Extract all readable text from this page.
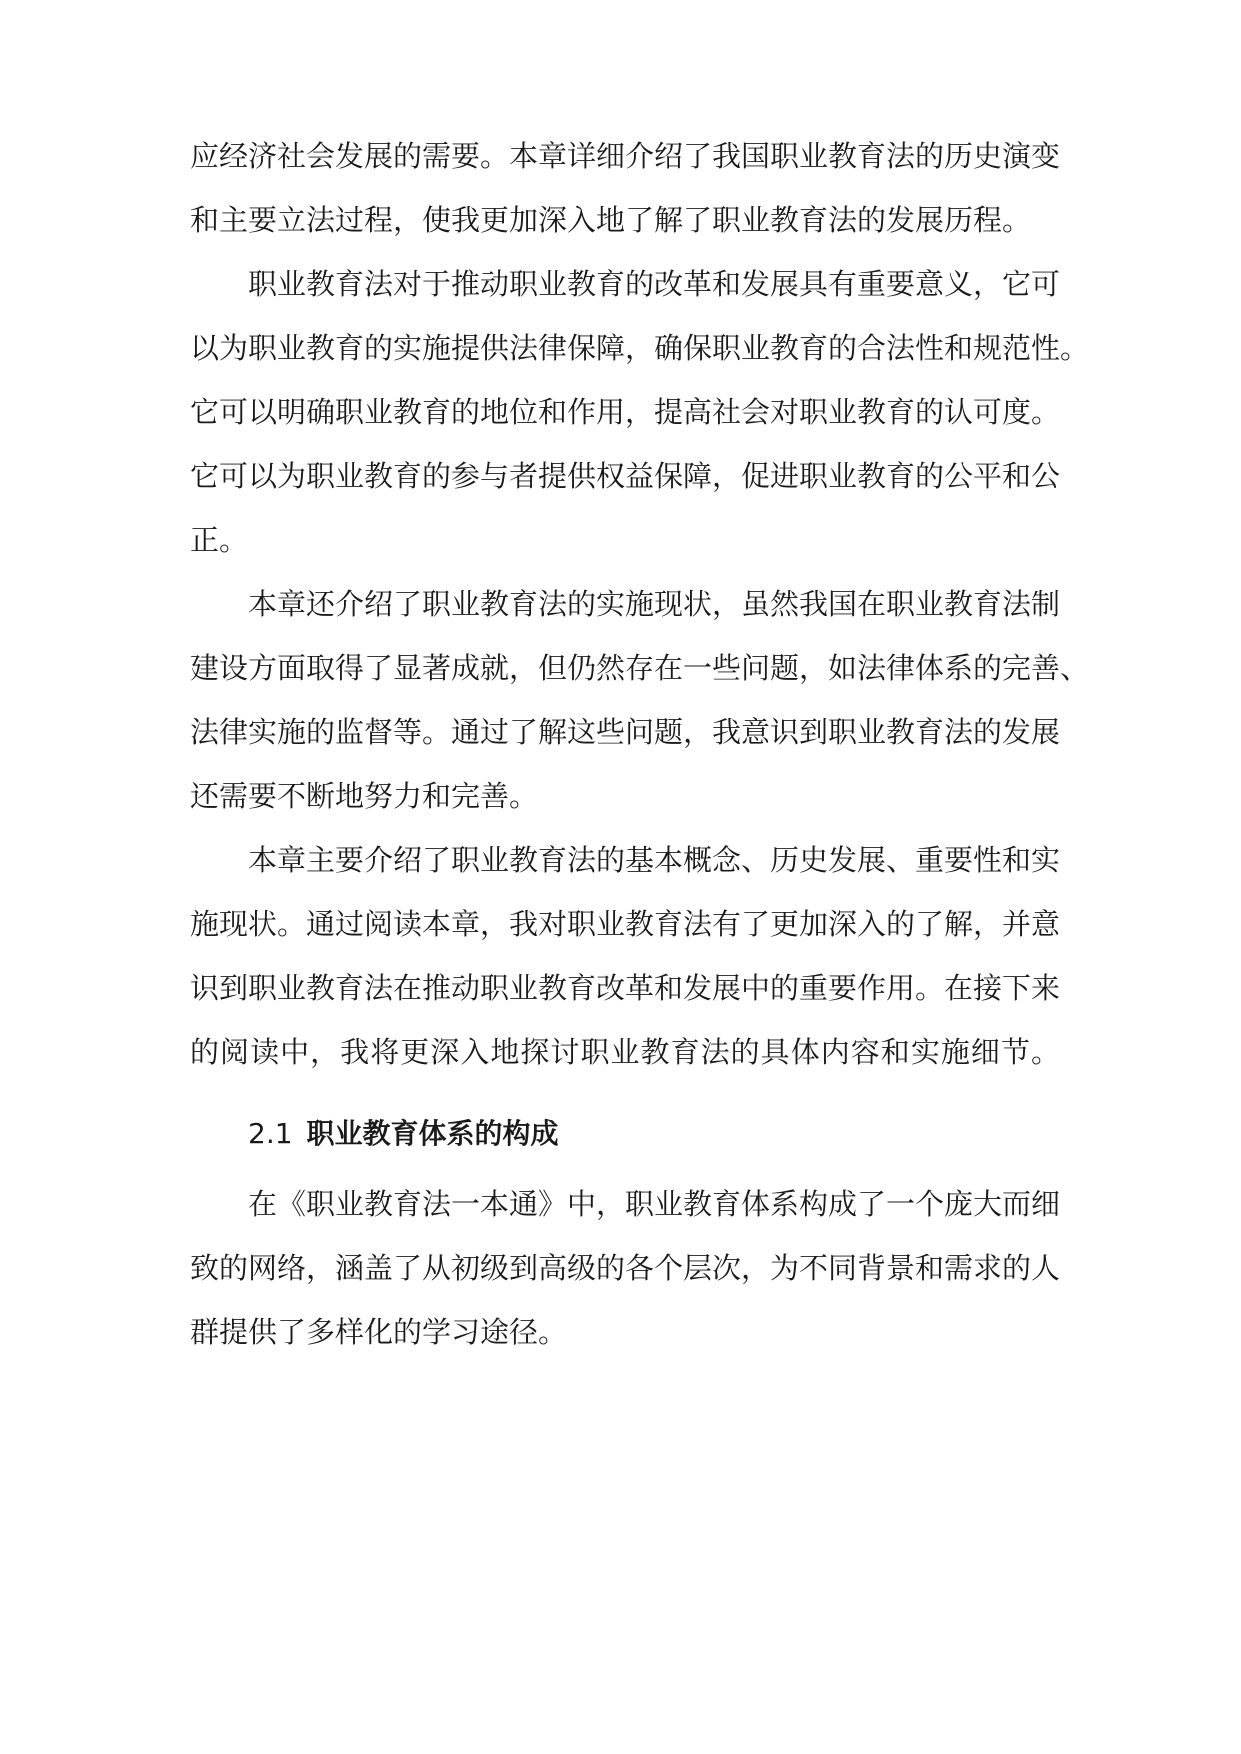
应经济社会发展的需要。本章详细介绍了我国职业教育法的历史演变
和主要立法过程，使我更加深入地了解了职业教育法的发展历程。
职业教育法对于推动职业教育的改革和发展具有重要意义，它可
以为职业教育的实施提供法律保障，确保职业教育的合法性和规范性。
它可以明确职业教育的地位和作用，提高社会对职业教育的认可度。
它可以为职业教育的参与者提供权益保障，促进职业教育的公平和公
正。
本章还介绍了职业教育法的实施现状，虽然我国在职业教育法制
建设方面取得了显著成就，但仍然存在一些问题，如法律体系的完善、
法律实施的监督等。通过了解这些问题，我意识到职业教育法的发展
还需要不断地努力和完善。
本章主要介绍了职业教育法的基本概念、历史发展、重要性和实
施现状。通过阅读本章，我对职业教育法有了更加深入的了解，并意
识到职业教育法在推动职业教育改革和发展中的重要作用。在接下来
的阅读中，我将更深入地探讨职业教育法的具体内容和实施细节。
2.1 职业教育体系的构成
在《职业教育法一本通》中，职业教育体系构成了一个庞大而细
致的网络，涵盖了从初级到高级的各个层次，为不同背景和需求的人
群提供了多样化的学习途径。
